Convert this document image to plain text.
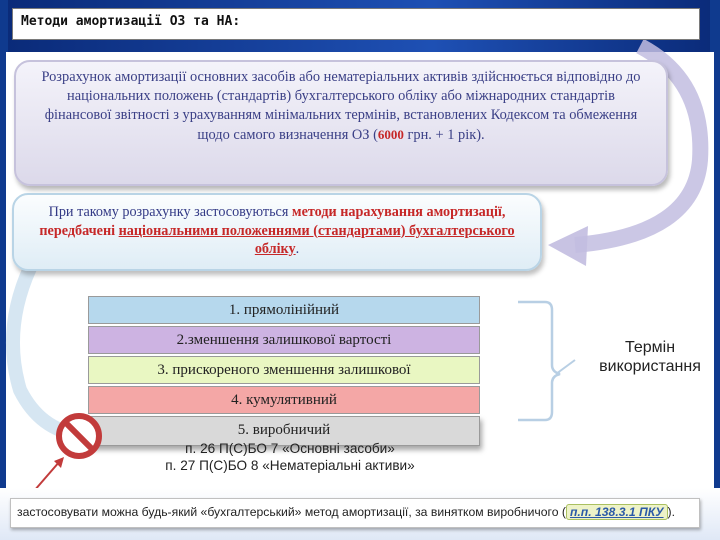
Методи амортизації ОЗ та НА:
Розрахунок амортизації основних засобів або нематеріальних активів здійснюється відповідно до національних положень (стандартів) бухгалтерського обліку або міжнародних стандартів фінансової звітності з урахуванням мінімальних термінів, встановлених Кодексом та обмеження щодо самого визначення ОЗ (6000 грн. + 1 рік).
При такому розрахунку застосовуються методи нарахування амортизації, передбачені національними положеннями (стандартами) бухгалтерського обліку.
1. прямолінійний
2.зменшення залишкової вартості
3. прискореного зменшення залишкової
4. кумулятивний
5. виробничий
Термін використання
п. 26 П(С)БО 7 «Основні засоби»
п. 27 П(С)БО 8 «Нематеріальні активи»
застосовувати можна будь-який «бухгалтерський» метод амортизації, за винятком виробничого ( п.п. 138.3.1 ПКУ ).
